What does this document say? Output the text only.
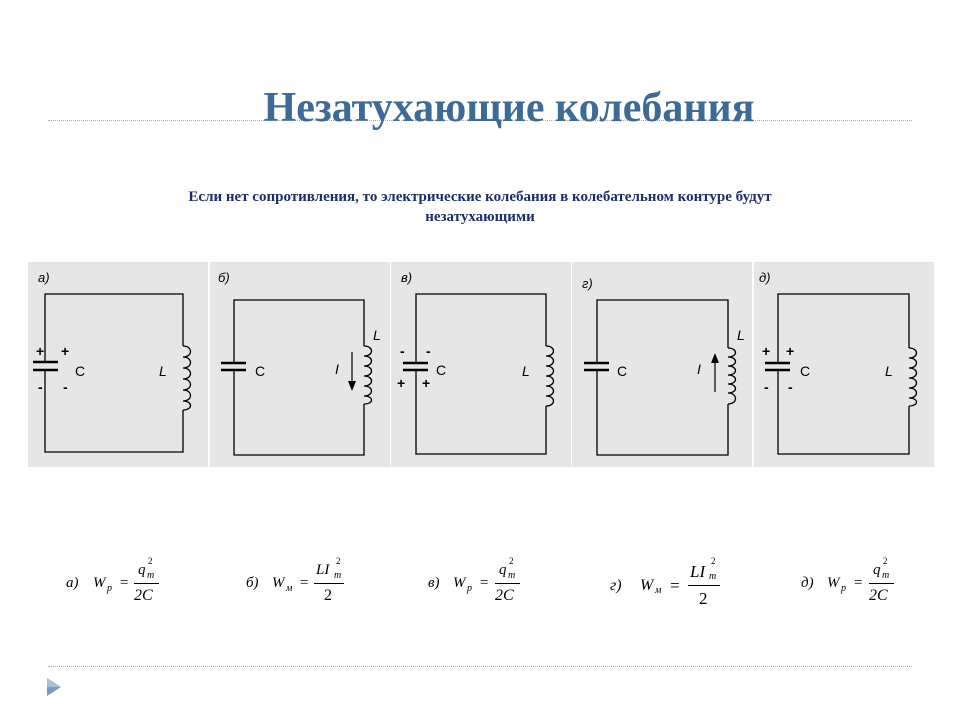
Незатухающие колебания
Если нет сопротивления, то электрические колебания в колебательном контуре будут
незатухающими
а)
+ +
- -
C	L
б)
C
L
I
в)
- -
+ +
C	L
г)
C
L
I
д)
+ +
- -
C	L
а) W р =
q m
2
2C
б) W м =
LI m
2
2
в) W р =
q m
2
2C
г) W м =
LI m
2
2
д) W р =
q m
2
2C
